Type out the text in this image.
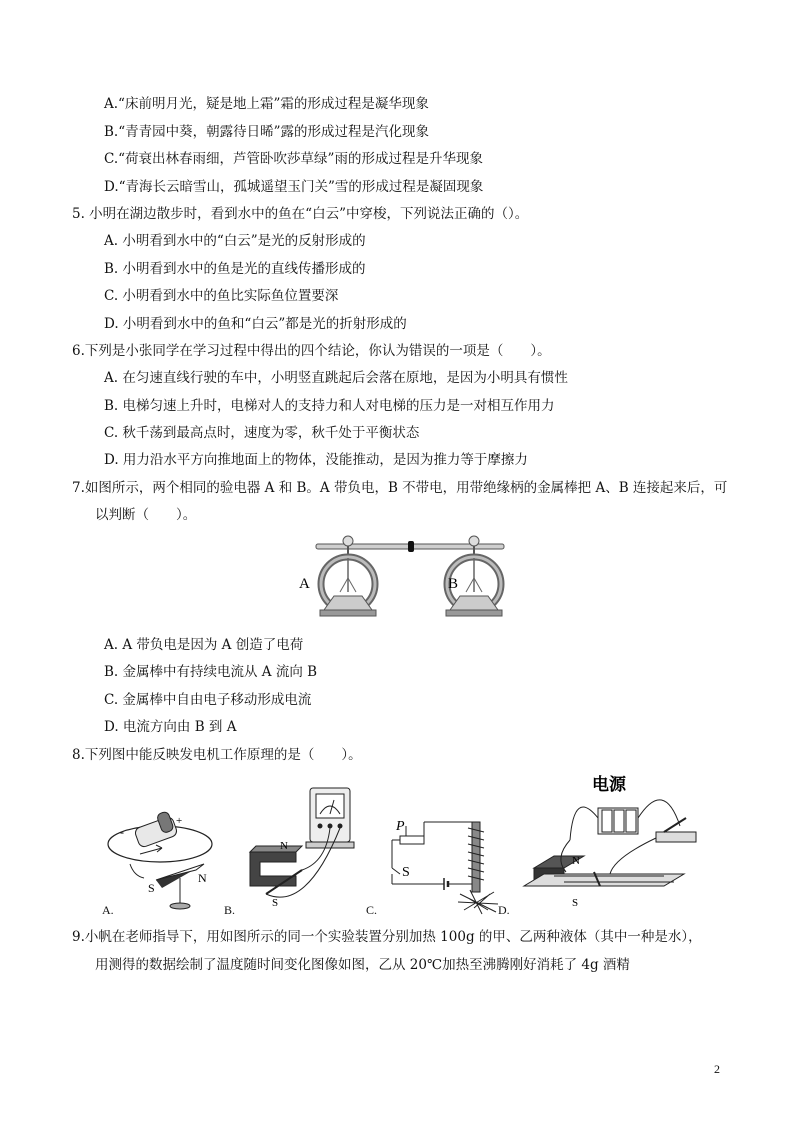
A.“床前明月光，疑是地上霜”霜的形成过程是凝华现象
B.“青青园中葵，朝露待日晞”露的形成过程是汽化现象
C.“荷衰出林春雨细，芦管卧吹莎草绿”雨的形成过程是升华现象
D.“青海长云暗雪山，孤城遥望玉门关”雪的形成过程是凝固现象
5. 小明在湖边散步时，看到水中的鱼在“白云”中穿梭，下列说法正确的（）。
A. 小明看到水中的“白云”是光的反射形成的
B. 小明看到水中的鱼是光的直线传播形成的
C. 小明看到水中的鱼比实际鱼位置要深
D. 小明看到水中的鱼和“白云”都是光的折射形成的
6.下列是小张同学在学习过程中得出的四个结论，你认为错误的一项是（　　）。
A. 在匀速直线行驶的车中，小明竖直跳起后会落在原地，是因为小明具有惯性
B. 电梯匀速上升时，电梯对人的支持力和人对电梯的压力是一对相互作用力
C. 秋千荡到最高点时，速度为零，秋千处于平衡状态
D. 用力沿水平方向推地面上的物体，没能推动，是因为推力等于摩擦力
7.如图所示，两个相同的验电器 A 和 B。A 带负电，B 不带电，用带绝缘柄的金属棒把 A、B 连接起来后，可
以判断（　　）。
A	B
A. A 带负电是因为 A 创造了电荷
B. 金属棒中有持续电流从 A 流向 B
C. 金属棒中自由电子移动形成电流
D. 电流方向由 B 到 A
8.下列图中能反映发电机工作原理的是（　　）。
-
+
S
N
A.
N
S
B.
P
S
C.
电源
N
S
D.
9.小帆在老师指导下，用如图所示的同一个实验装置分别加热 100g 的甲、乙两种液体（其中一种是水），
用测得的数据绘制了温度随时间变化图像如图，乙从 20℃加热至沸腾刚好消耗了 4g 酒精
2
